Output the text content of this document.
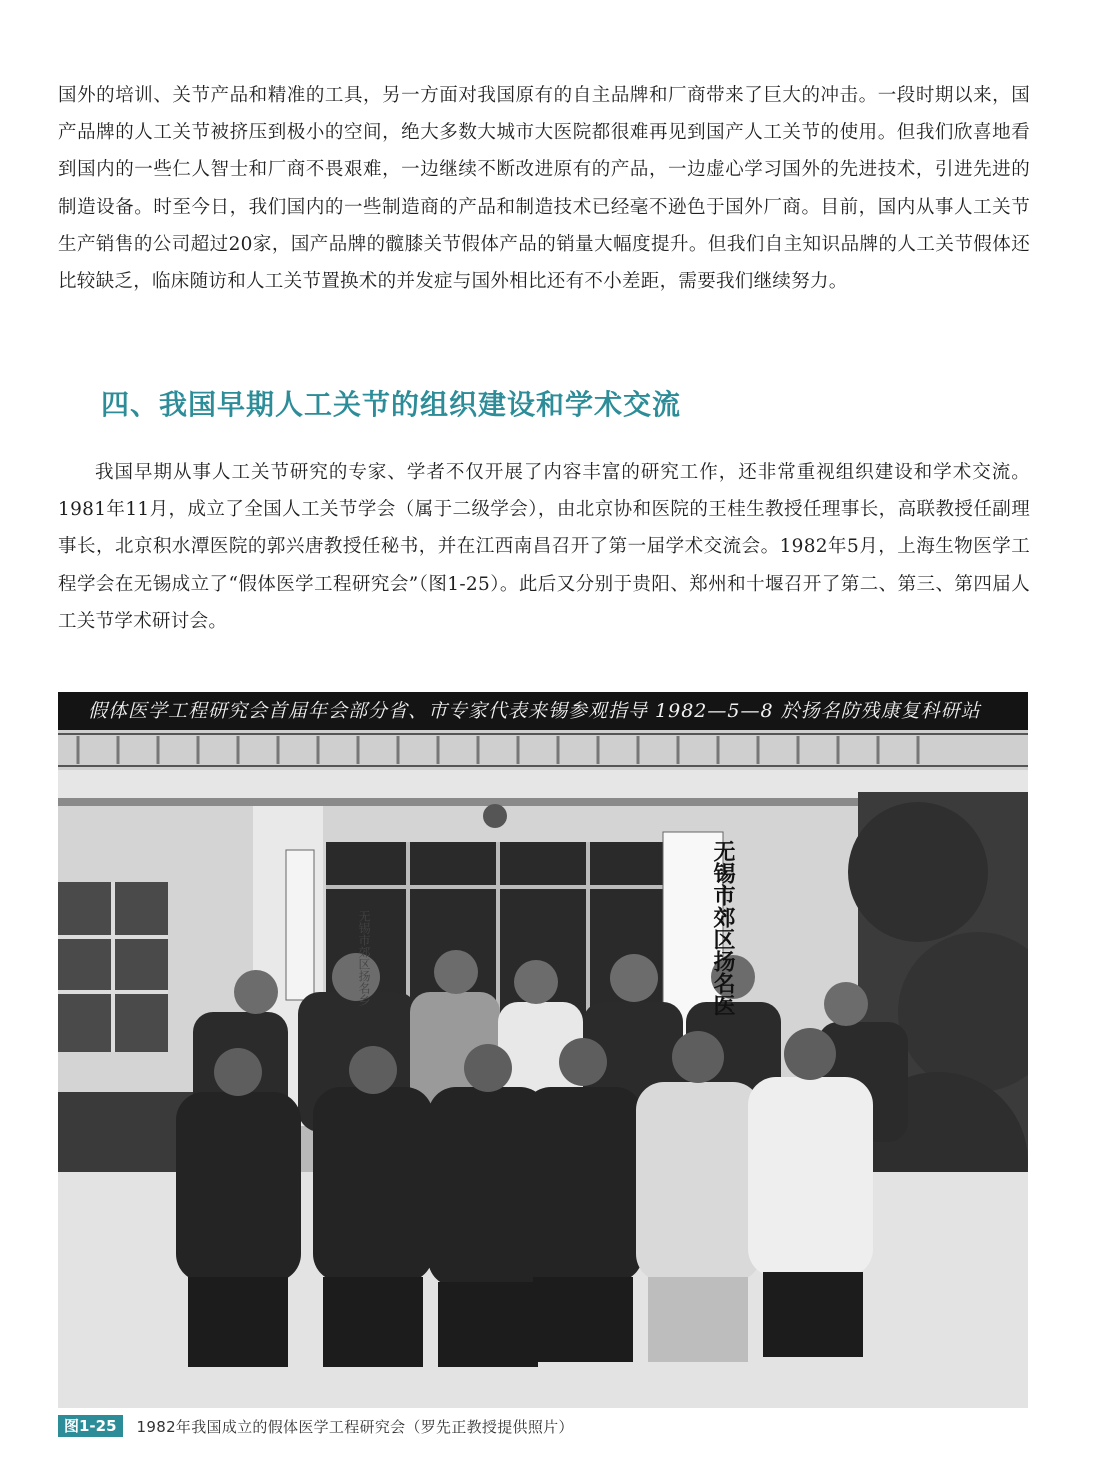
国外的培训、关节产品和精准的工具，另一方面对我国原有的自主品牌和厂商带来了巨大的冲击。一段时期以来，国产品牌的人工关节被挤压到极小的空间，绝大多数大城市大医院都很难再见到国产人工关节的使用。但我们欣喜地看到国内的一些仁人智士和厂商不畏艰难，一边继续不断改进原有的产品，一边虚心学习国外的先进技术，引进先进的制造设备。时至今日，我们国内的一些制造商的产品和制造技术已经毫不逊色于国外厂商。目前，国内从事人工关节生产销售的公司超过20家，国产品牌的髋膝关节假体产品的销量大幅度提升。但我们自主知识品牌的人工关节假体还比较缺乏，临床随访和人工关节置换术的并发症与国外相比还有不小差距，需要我们继续努力。

四、我国早期人工关节的组织建设和学术交流

我国早期从事人工关节研究的专家、学者不仅开展了内容丰富的研究工作，还非常重视组织建设和学术交流。1981年11月，成立了全国人工关节学会（属于二级学会），由北京协和医院的王桂生教授任理事长，高联教授任副理事长，北京积水潭医院的郭兴唐教授任秘书，并在江西南昌召开了第一届学术交流会。1982年5月，上海生物医学工程学会在无锡成立了“假体医学工程研究会”（图1-25）。此后又分别于贵阳、郑州和十堰召开了第二、第三、第四届人工关节学术研讨会。

假体医学工程研究会首届年会部分省、市专家代表来锡参观指导 1982—5—8 於扬名防残康复科研站
无锡市郊区扬名乡	无锡市郊区扬名医
图1-25	1982年我国成立的假体医学工程研究会（罗先正教授提供照片）
